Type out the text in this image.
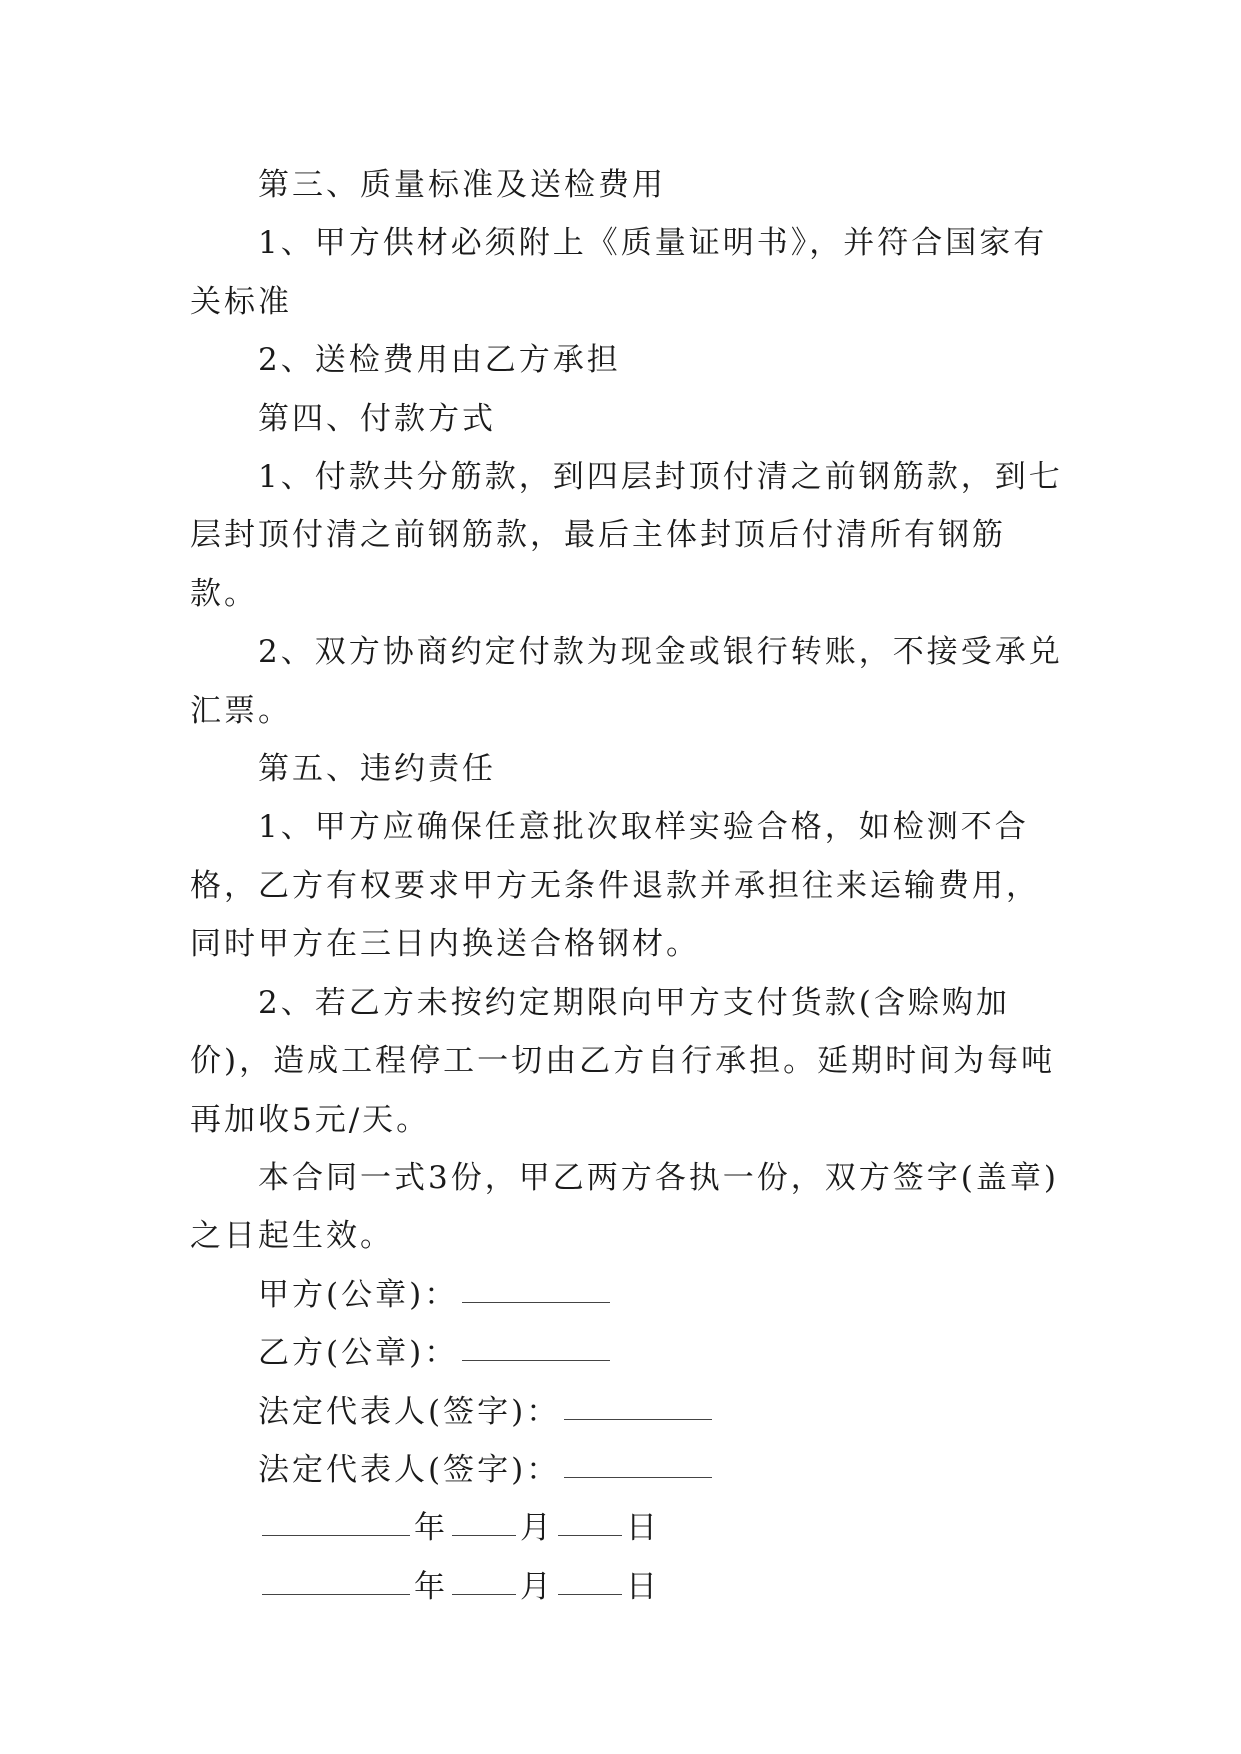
第三、质量标准及送检费用

1、甲方供材必须附上《质量证明书》，并符合国家有关标准

2、送检费用由乙方承担

第四、付款方式

1、付款共分筋款，到四层封顶付清之前钢筋款，到七层封顶付清之前钢筋款，最后主体封顶后付清所有钢筋款。

2、双方协商约定付款为现金或银行转账，不接受承兑汇票。

第五、违约责任

1、甲方应确保任意批次取样实验合格，如检测不合格，乙方有权要求甲方无条件退款并承担往来运输费用，同时甲方在三日内换送合格钢材。

2、若乙方未按约定期限向甲方支付货款(含赊购加价)，造成工程停工一切由乙方自行承担。延期时间为每吨再加收5元/天。

本合同一式3份，甲乙两方各执一份，双方签字(盖章)之日起生效。

甲方(公章)：

乙方(公章)：

法定代表人(签字)：

法定代表人(签字)：

年 月 日

年 月 日
